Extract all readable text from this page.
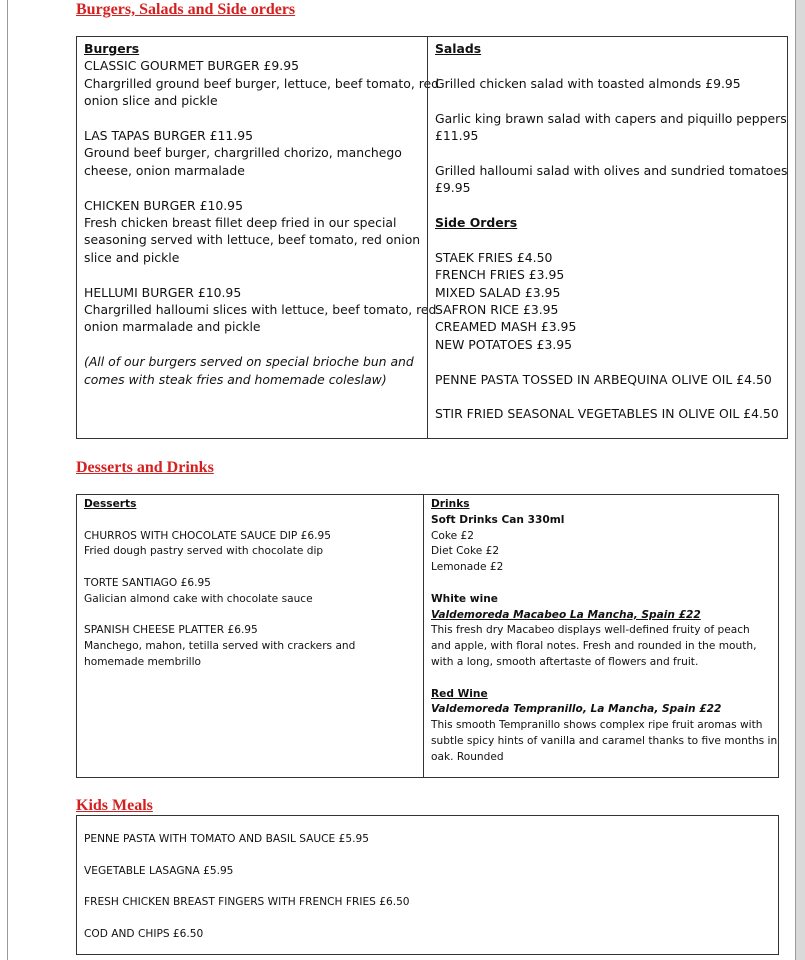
Burgers, Salads and Side orders

Burgers

CLASSIC GOURMET BURGER £9.95

Chargrilled ground beef burger, lettuce, beef tomato, red

onion slice and pickle

LAS TAPAS BURGER £11.95

Ground beef burger, chargrilled chorizo, manchego

cheese, onion marmalade

CHICKEN BURGER £10.95

Fresh chicken breast fillet deep fried in our special

seasoning served with lettuce, beef tomato, red onion

slice and pickle

HELLUMI BURGER £10.95

Chargrilled halloumi slices with lettuce, beef tomato, red

onion marmalade and pickle

(All of our burgers served on special brioche bun and

comes with steak fries and homemade coleslaw)

Salads

Grilled chicken salad with toasted almonds £9.95

Garlic king brawn salad with capers and piquillo peppers

£11.95

Grilled halloumi salad with olives and sundried tomatoes

£9.95

Side Orders

STAEK FRIES £4.50

FRENCH FRIES £3.95

MIXED SALAD £3.95

SAFRON RICE £3.95

CREAMED MASH £3.95

NEW POTATOES £3.95

PENNE PASTA TOSSED IN ARBEQUINA OLIVE OIL £4.50

STIR FRIED SEASONAL VEGETABLES IN OLIVE OIL £4.50

Desserts and Drinks

Desserts

CHURROS WITH CHOCOLATE SAUCE DIP £6.95

Fried dough pastry served with chocolate dip

TORTE SANTIAGO £6.95

Galician almond cake with chocolate sauce

SPANISH CHEESE PLATTER £6.95

Manchego, mahon, tetilla served with crackers and

homemade membrillo

Drinks

Soft Drinks Can 330ml

Coke £2

Diet Coke £2

Lemonade £2

White wine

Valdemoreda Macabeo La Mancha, Spain £22

This fresh dry Macabeo displays well-defined fruity of peach

and apple, with floral notes. Fresh and rounded in the mouth,

with a long, smooth aftertaste of flowers and fruit.

Red Wine

Valdemoreda Tempranillo, La Mancha, Spain £22

This smooth Tempranillo shows complex ripe fruit aromas with

subtle spicy hints of vanilla and caramel thanks to five months in

oak. Rounded

Kids Meals

PENNE PASTA WITH TOMATO AND BASIL SAUCE £5.95

VEGETABLE LASAGNA £5.95

FRESH CHICKEN BREAST FINGERS WITH FRENCH FRIES £6.50

COD AND CHIPS £6.50
